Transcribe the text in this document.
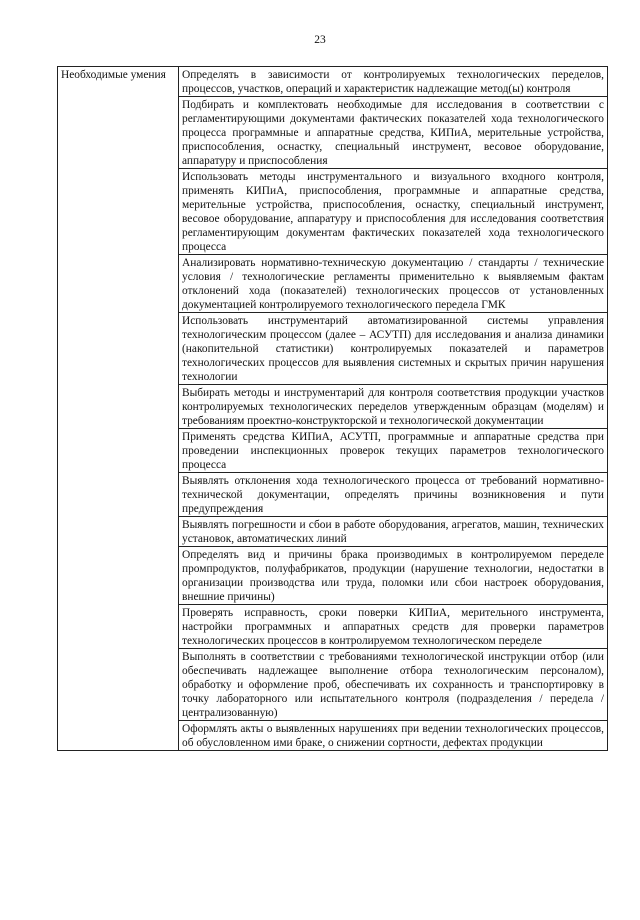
23
Необходимые умения	Определять в зависимости от контролируемых технологических переделов, процессов, участков, операций и характеристик надлежащие метод(ы) контроля
Подбирать и комплектовать необходимые для исследования в соответствии с регламентирующими документами фактических показателей хода технологического процесса программные и аппаратные средства, КИПиА, мерительные устройства, приспособления, оснастку, специальный инструмент, весовое оборудование, аппаратуру и приспособления
Использовать методы инструментального и визуального входного контроля, применять КИПиА, приспособления, программные и аппаратные средства, мерительные устройства, приспособления, оснастку, специальный инструмент, весовое оборудование, аппаратуру и приспособления для исследования соответствия регламентирующим документам фактических показателей хода технологического процесса
Анализировать нормативно-техническую документацию / стандарты / технические условия / технологические регламенты применительно к выявляемым фактам отклонений хода (показателей) технологических процессов от установленных документацией контролируемого технологического передела ГМК
Использовать инструментарий автоматизированной системы управления технологическим процессом (далее – АСУТП) для исследования и анализа динамики (накопительной статистики) контролируемых показателей и параметров технологических процессов для выявления системных и скрытых причин нарушения технологии
Выбирать методы и инструментарий для контроля соответствия продукции участков контролируемых технологических переделов утвержденным образцам (моделям) и требованиям проектно-конструкторской и технологической документации
Применять средства КИПиА, АСУТП, программные и аппаратные средства при проведении инспекционных проверок текущих параметров технологического процесса
Выявлять отклонения хода технологического процесса от требований нормативно-технической документации, определять причины возникновения и пути предупреждения
Выявлять погрешности и сбои в работе оборудования, агрегатов, машин, технических установок, автоматических линий
Определять вид и причины брака производимых в контролируемом переделе промпродуктов, полуфабрикатов, продукции (нарушение технологии, недостатки в организации производства или труда, поломки или сбои настроек оборудования, внешние причины)
Проверять исправность, сроки поверки КИПиА, мерительного инструмента, настройки программных и аппаратных средств для проверки параметров технологических процессов в контролируемом технологическом переделе
Выполнять в соответствии с требованиями технологической инструкции отбор (или обеспечивать надлежащее выполнение отбора технологическим персоналом), обработку и оформление проб, обеспечивать их сохранность и транспортировку в точку лабораторного или испытательного контроля (подразделения / передела / централизованную)
Оформлять акты о выявленных нарушениях при ведении технологических процессов, об обусловленном ими браке, о снижении сортности, дефектах продукции
